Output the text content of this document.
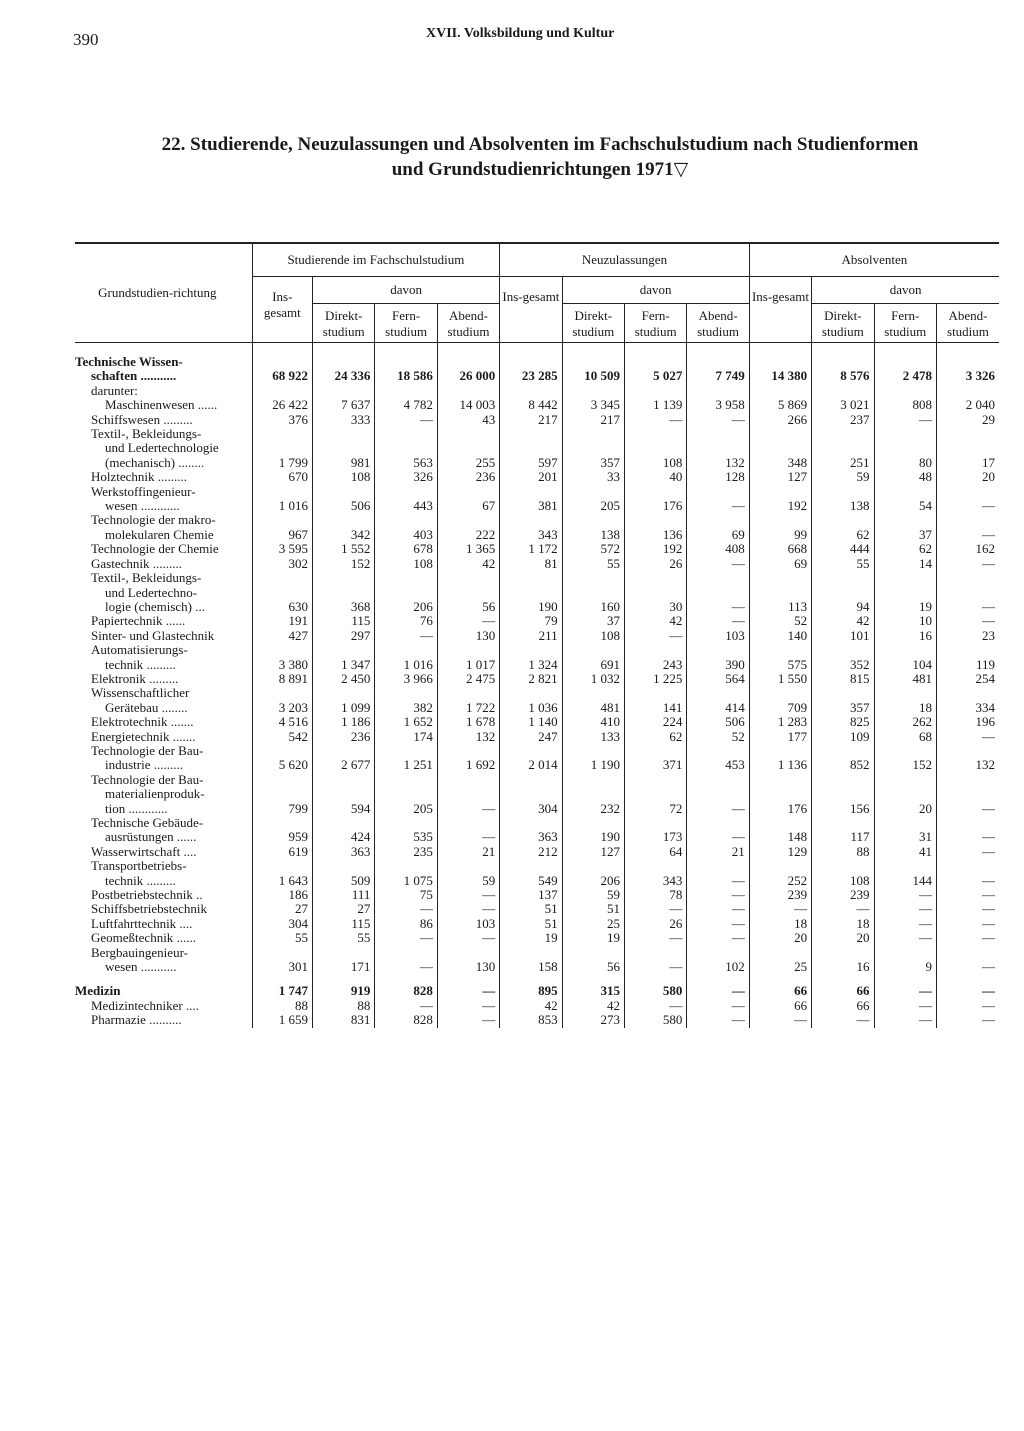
390	XVII. Volksbildung und Kultur
22. Studierende, Neuzulassungen und Absolventen im Fachschulstudium nach Studienformen
und Grundstudienrichtungen 1971▽
Grundstudien-richtung	Studierende im Fachschulstudium				Neuzulassungen				Absolventen			
	Ins-gesamt	davon			Ins-gesamt	davon			Ins-gesamt	davon		
		Direkt-studium	Fern-studium	Abend-studium		Direkt-studium	Fern-studium	Abend-studium		Direkt-studium	Fern-studium	Abend-studium

Technische Wissen-
schaften ...........	68 922	24 336	18 586	26 000	23 285	10 509	5 027	7 749	14 380	8 576	2 478	3 326

darunter:
Maschinenwesen ......	26 422	7 637	4 782	14 003	8 442	3 345	1 139	3 958	5 869	3 021	808	2 040

Schiffswesen .........	376	333	—	43	217	217	—	—	266	237	—	29

Textil-, Bekleidungs-
und Ledertechnologie
(mechanisch) ........	1 799	981	563	255	597	357	108	132	348	251	80	17

Holztechnik .........	670	108	326	236	201	33	40	128	127	59	48	20

Werkstoffingenieur-
wesen ............	1 016	506	443	67	381	205	176	—	192	138	54	—

Technologie der makro-
molekularen Chemie	967	342	403	222	343	138	136	69	99	62	37	—

Technologie der Chemie	3 595	1 552	678	1 365	1 172	572	192	408	668	444	62	162

Gastechnik .........	302	152	108	42	81	55	26	—	69	55	14	—

Textil-, Bekleidungs-
und Ledertechno-
logie (chemisch) ...	630	368	206	56	190	160	30	—	113	94	19	—

Papiertechnik ......	191	115	76	—	79	37	42	—	52	42	10	—

Sinter- und Glastechnik	427	297	—	130	211	108	—	103	140	101	16	23

Automatisierungs-
technik .........	3 380	1 347	1 016	1 017	1 324	691	243	390	575	352	104	119

Elektronik .........	8 891	2 450	3 966	2 475	2 821	1 032	1 225	564	1 550	815	481	254

Wissenschaftlicher
Gerätebau ........	3 203	1 099	382	1 722	1 036	481	141	414	709	357	18	334

Elektrotechnik .......	4 516	1 186	1 652	1 678	1 140	410	224	506	1 283	825	262	196

Energietechnik .......	542	236	174	132	247	133	62	52	177	109	68	—

Technologie der Bau-
industrie .........	5 620	2 677	1 251	1 692	2 014	1 190	371	453	1 136	852	152	132

Technologie der Bau-
materialienproduk-
tion ............	799	594	205	—	304	232	72	—	176	156	20	—

Technische Gebäude-
ausrüstungen ......	959	424	535	—	363	190	173	—	148	117	31	—

Wasserwirtschaft ....	619	363	235	21	212	127	64	21	129	88	41	—

Transportbetriebs-
technik .........	1 643	509	1 075	59	549	206	343	—	252	108	144	—

Postbetriebstechnik ..	186	111	75	—	137	59	78	—	239	239	—	—

Schiffsbetriebstechnik	27	27	—	—	51	51	—	—	—	—	—	—

Luftfahrttechnik ....	304	115	86	103	51	25	26	—	18	18	—	—

Geomeßtechnik ......	55	55	—	—	19	19	—	—	20	20	—	—

Bergbauingenieur-
wesen ...........	301	171	—	130	158	56	—	102	25	16	9	—

Medizin	1 747	919	828	—	895	315	580	—	66	66	—	—

Medizintechniker ....	88	88	—	—	42	42	—	—	66	66	—	—

Pharmazie ..........	1 659	831	828	—	853	273	580	—	—	—	—	—
